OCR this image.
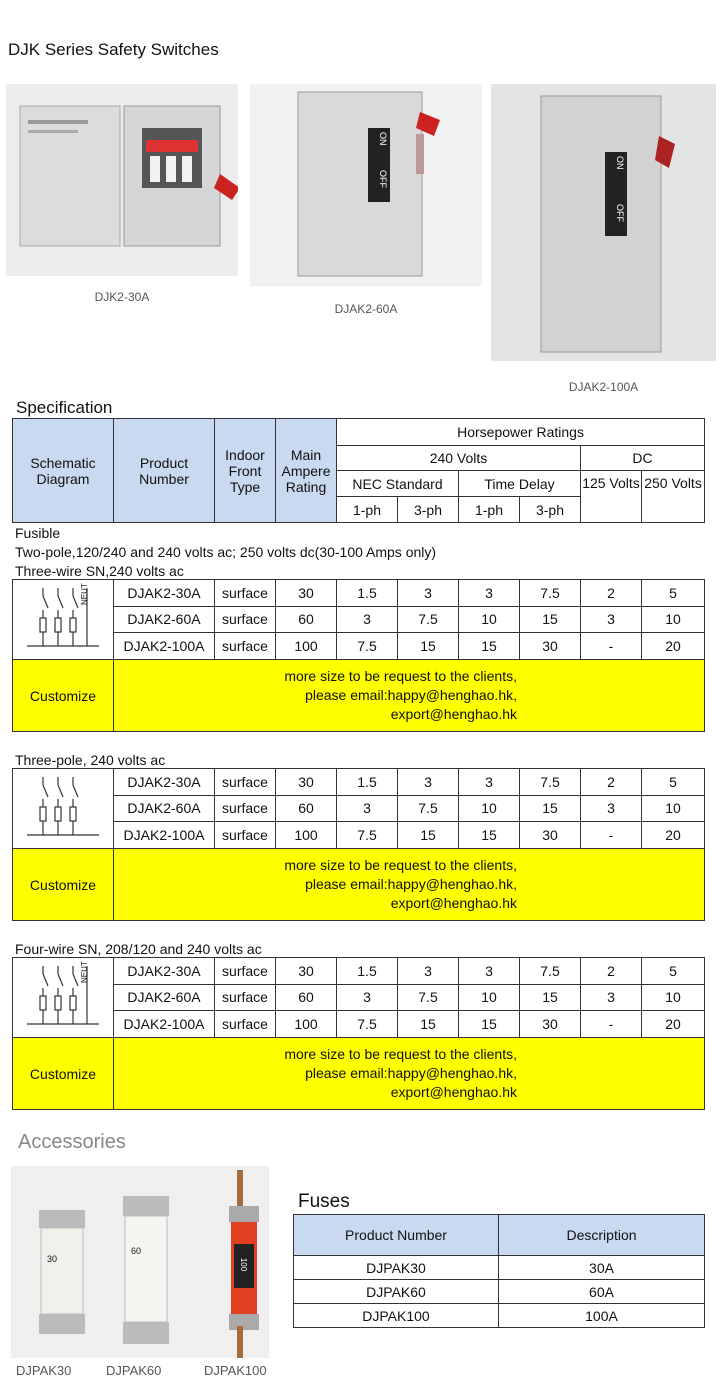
DJK Series Safety Switches
DJK2-30A
ON
OFF
DJAK2-60A
ON
OFF
DJAK2-100A
Specification
Schematic Diagram	Product Number	Indoor Front Type	Main Ampere Rating	Horsepower Ratings					
				240 Volts				DC	
				NEC Standard		Time Delay		125 Volts	250 Volts
				1-ph	3-ph	1-ph	3-ph		
Fusible
Two-pole,120/240 and 240 volts ac; 250 volts dc(30-100 Amps only)
Three-wire SN,240 volts ac
	DJAK2-30A	surface	30	1.5	3	3	7.5	2	5
	DJAK2-60A	surface	60	3	7.5	10	15	3	10
	DJAK2-100A	surface	100	7.5	15	15	30	-	20
Customize	more size to be request to the clients,
please email:happy@henghao.hk,
export@henghao.hk								
NEUT
Three-pole, 240 volts ac
	DJAK2-30A	surface	30	1.5	3	3	7.5	2	5
	DJAK2-60A	surface	60	3	7.5	10	15	3	10
	DJAK2-100A	surface	100	7.5	15	15	30	-	20
Customize	more size to be request to the clients,
please email:happy@henghao.hk,
export@henghao.hk								
Four-wire SN, 208/120 and 240 volts ac
	DJAK2-30A	surface	30	1.5	3	3	7.5	2	5
	DJAK2-60A	surface	60	3	7.5	10	15	3	10
	DJAK2-100A	surface	100	7.5	15	15	30	-	20
Customize	more size to be request to the clients,
please email:happy@henghao.hk,
export@henghao.hk								
NEUT
Accessories
30
60
100
DJPAK30	DJPAK60	DJPAK100
Fuses
Product Number	Description
DJPAK30	30A
DJPAK60	60A
DJPAK100	100A
